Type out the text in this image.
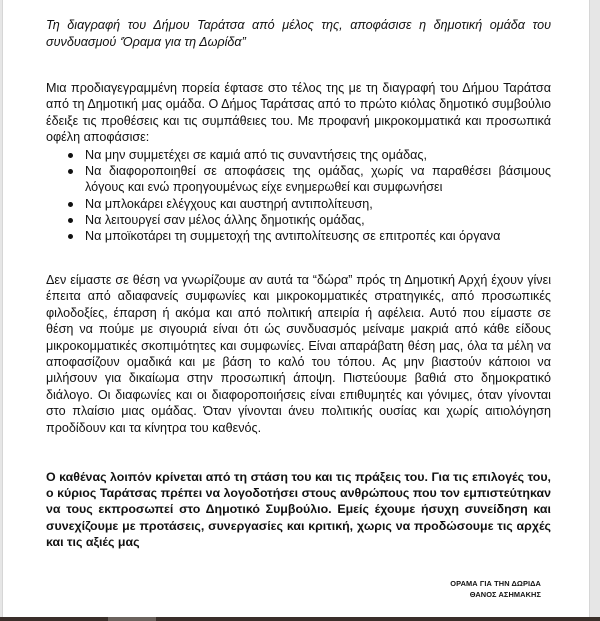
Τη διαγραφή του Δήμου Ταράτσα από μέλος της, αποφάσισε η δημοτική ομάδα του συνδυασμού ‘Όραμα για τη Δωρίδα”

Μια προδιαγεγραμμένη πορεία έφτασε στο τέλος της με τη διαγραφή του Δήμου Ταράτσα από τη Δημοτική μας ομάδα. Ο Δήμος Ταράτσας από το πρώτο κιόλας δημοτικό συμβούλιο έδειξε τις προθέσεις και τις συμπάθειες του. Με προφανή μικροκομματικά και προσωπικά οφέλη αποφάσισε:

Να μην συμμετέχει σε καμιά από τις συναντήσεις της ομάδας,
Να διαφοροποιηθεί σε αποφάσεις της ομάδας, χωρίς να παραθέσει βάσιμους λόγους και ενώ προηγουμένως είχε ενημερωθεί και συμφωνήσει
Να μπλοκάρει ελέγχους και αυστηρή αντιπολίτευση,
Να λειτουργεί σαν μέλος άλλης δημοτικής ομάδας,
Να μποϊκοτάρει τη συμμετοχή της αντιπολίτευσης σε επιτροπές και όργανα

Δεν είμαστε σε θέση να γνωρίζουμε αν αυτά τα “δώρα” πρός τη Δημοτική Αρχή έχουν γίνει έπειτα από αδιαφανείς συμφωνίες και μικροκομματικές στρατηγικές, από προσωπικές φιλοδοξίες, έπαρση ή ακόμα και από πολιτική απειρία ή αφέλεια. Αυτό που είμαστε σε θέση να πούμε με σιγουριά είναι ότι ώς συνδυασμός μείναμε μακριά από κάθε είδους μικροκομματικές σκοπιμότητες και συμφωνίες. Είναι απαράβατη θέση μας, όλα τα μέλη να αποφασίζουν ομαδικά και με βάση το καλό του τόπου. Ας μην βιαστούν κάποιοι να μιλήσουν για δικαίωμα στην προσωπική άποψη. Πιστεύουμε βαθιά στο δημοκρατικό διάλογο. Οι διαφωνίες και οι διαφοροποιήσεις είναι επιθυμητές και γόνιμες, όταν γίνονται στο πλαίσιο μιας ομάδας. Όταν γίνονται άνευ πολιτικής ουσίας και χωρίς αιτιολόγηση προδίδουν και τα κίνητρα του καθενός.

Ο καθένας λοιπόν κρίνεται από τη στάση του και τις πράξεις του. Για τις επιλογές του, ο κύριος Ταράτσας πρέπει να λογοδοτήσει στους ανθρώπους που τον εμπιστεύτηκαν να τους εκπροσωπεί στο Δημοτικό Συμβούλιο. Εμείς έχουμε ήσυχη συνείδηση και συνεχίζουμε με προτάσεις, συνεργασίες και κριτική, χωρις να προδώσουμε τις αρχές και τις αξιές μας

ΟΡΑΜΑ ΓΙΑ ΤΗΝ ΔΩΡΙΔΑ
ΘΑΝΟΣ ΑΣΗΜΑΚΗΣ
